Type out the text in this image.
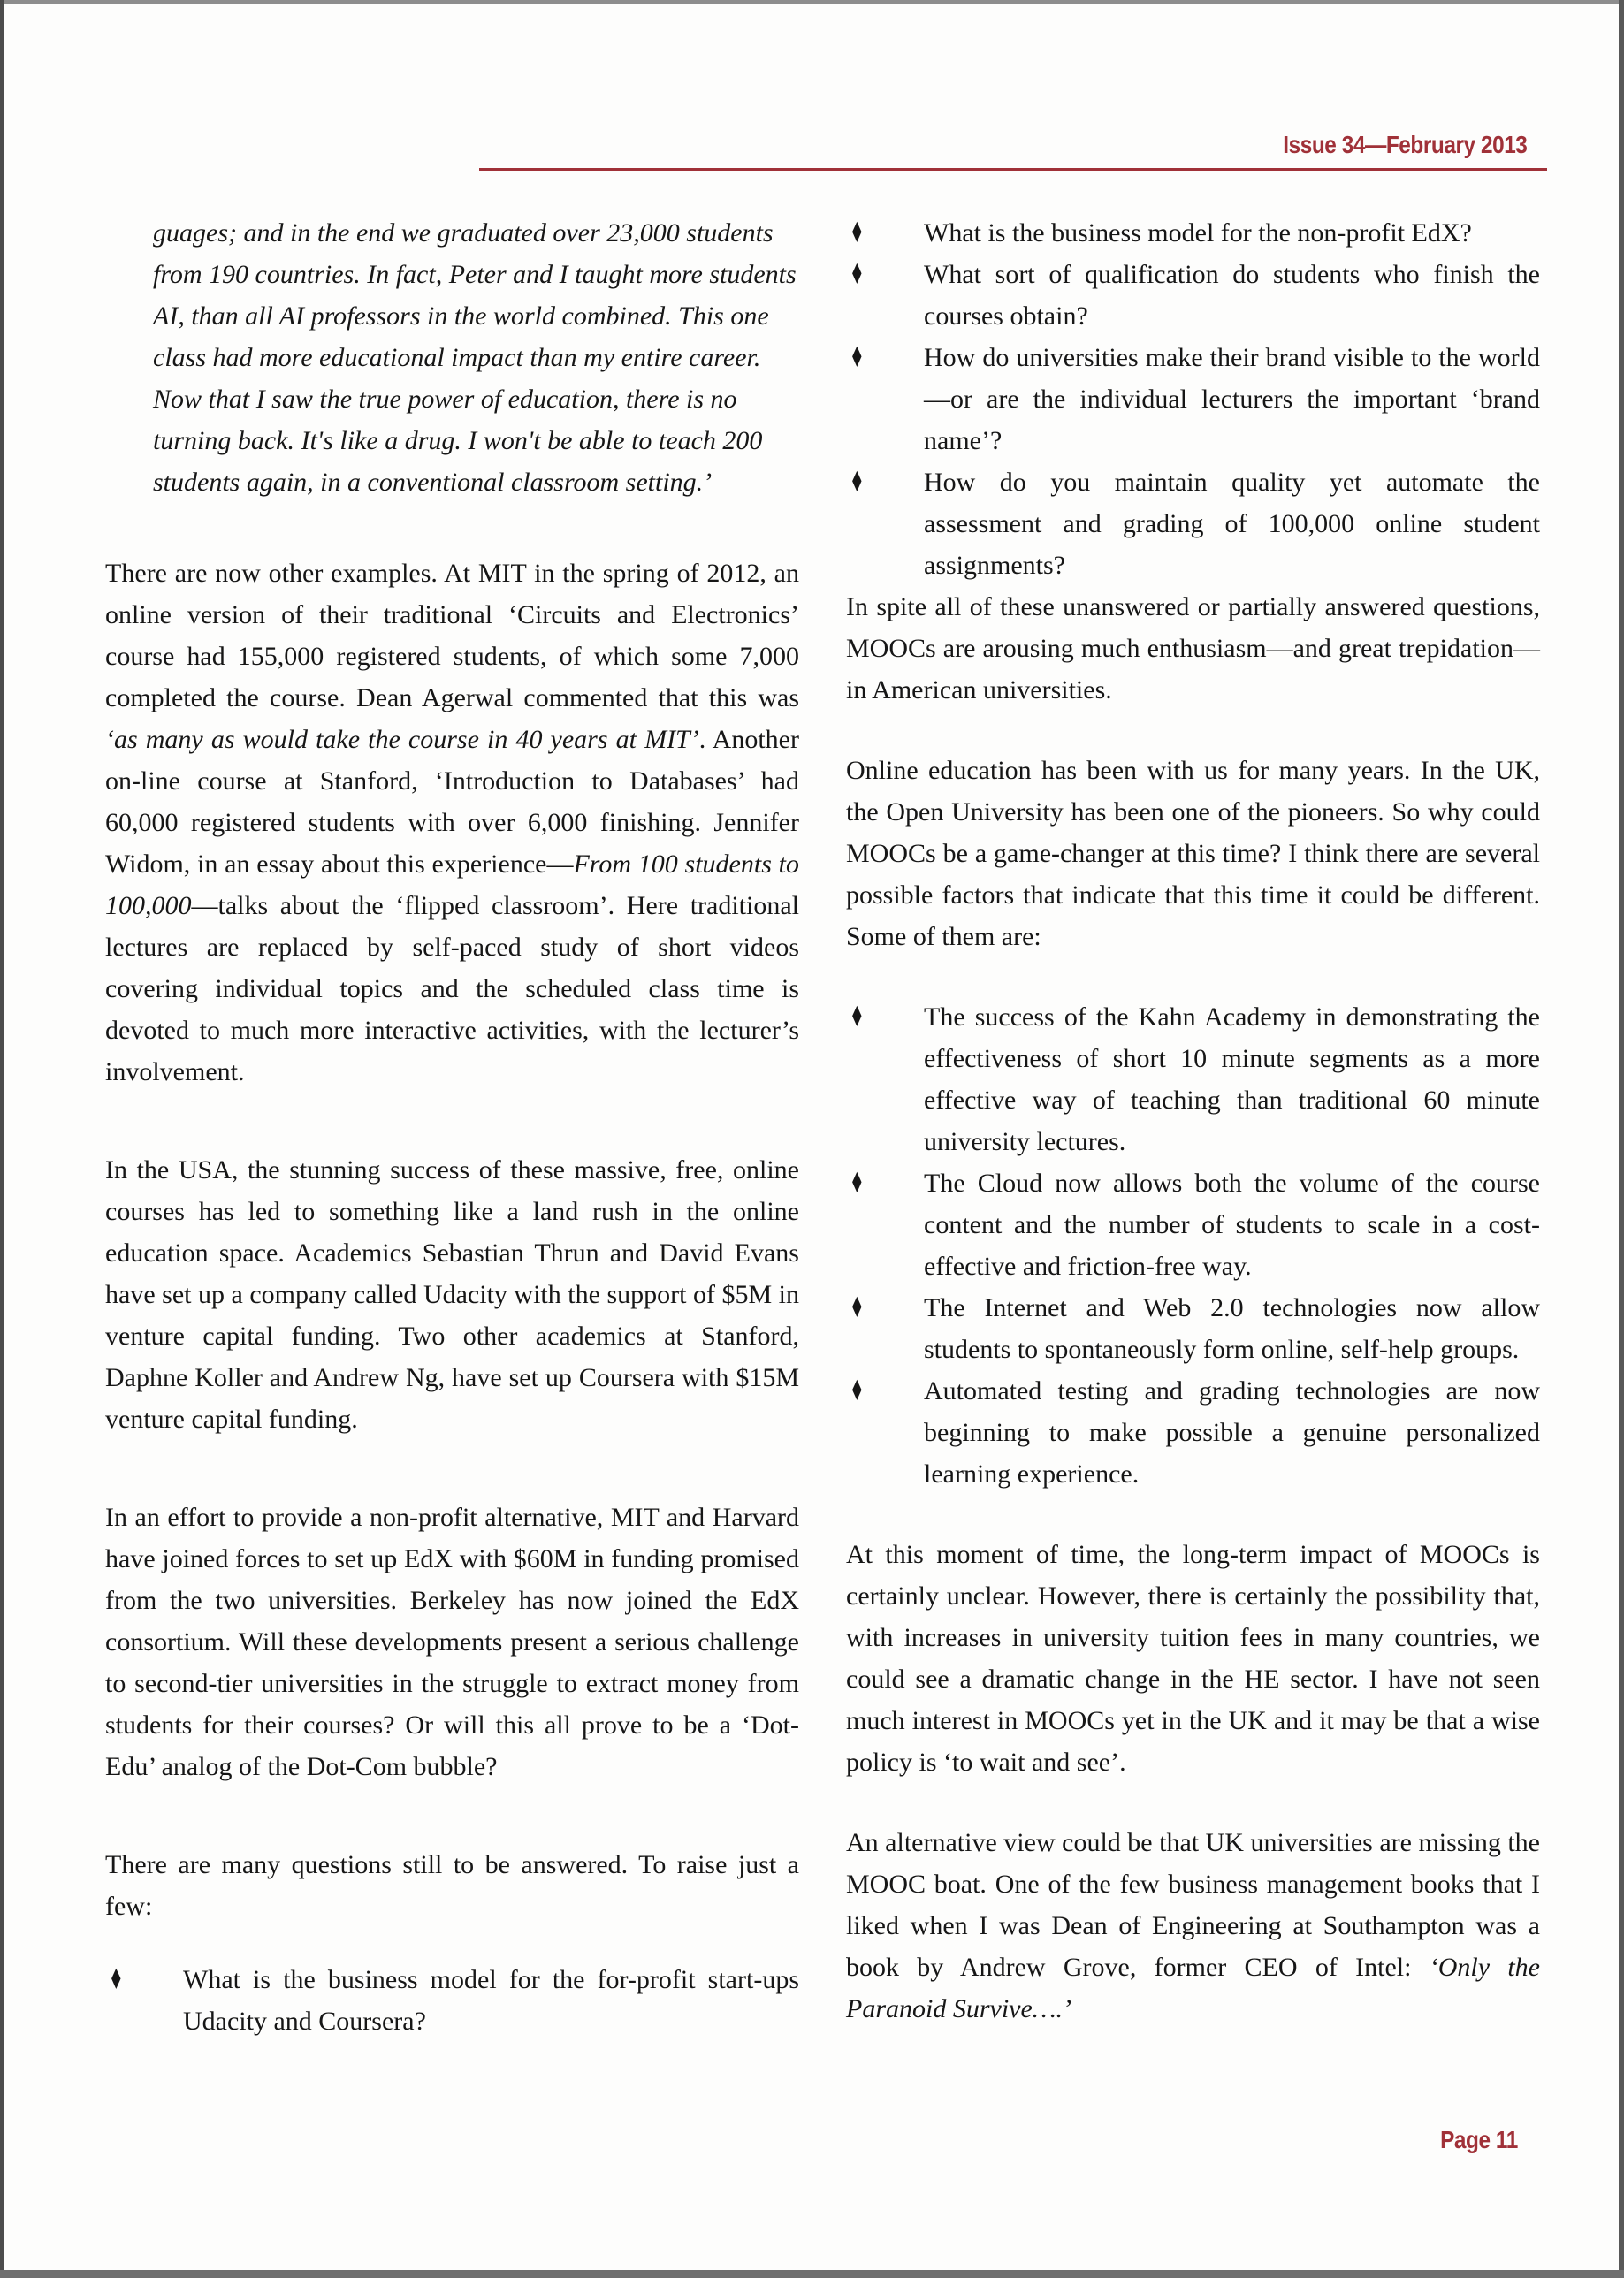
Issue 34—February 2013
guages; and in the end we graduated over 23,000 students from 190 countries. In fact, Peter and I taught more students AI, than all AI professors in the world combined. This one class had more educational impact than my entire career. Now that I saw the true power of education, there is no turning back. It's like a drug. I won't be able to teach 200 students again, in a conventional classroom setting.’

There are now other examples. At MIT in the spring of 2012, an online version of their traditional ‘Circuits and Electronics’ course had 155,000 registered students, of which some 7,000 completed the course. Dean Agerwal commented that this was ‘as many as would take the course in 40 years at MIT’. Another on-line course at Stanford, ‘Introduction to Databases’ had 60,000 registered students with over 6,000 finishing. Jennifer Widom, in an essay about this experience—From 100 students to 100,000—talks about the ‘flipped classroom’. Here traditional lectures are replaced by self-paced study of short videos covering individual topics and the scheduled class time is devoted to much more interactive activities, with the lecturer’s involvement.

In the USA, the stunning success of these massive, free, online courses has led to something like a land rush in the online education space. Academics Sebastian Thrun and David Evans have set up a company called Udacity with the support of $5M in venture capital funding. Two other academics at Stanford, Daphne Koller and Andrew Ng, have set up Coursera with $15M venture capital funding.

In an effort to provide a non-profit alternative, MIT and Harvard have joined forces to set up EdX with $60M in funding promised from the two universities. Berkeley has now joined the EdX consortium. Will these developments present a serious challenge to second-tier universities in the struggle to extract money from students for their courses? Or will this all prove to be a ‘Dot-Edu’ analog of the Dot-Com bubble?

There are many questions still to be answered. To raise just a few:

♦ What is the business model for the for-profit start-ups Udacity and Coursera?
♦ What is the business model for the non-profit EdX?
♦ What sort of qualification do students who finish the courses obtain?
♦ How do universities make their brand visible to the world—or are the individual lecturers the important ‘brand name’?
♦ How do you maintain quality yet automate the assessment and grading of 100,000 online student assignments?

In spite all of these unanswered or partially answered questions, MOOCs are arousing much enthusiasm—and great trepidation—in American universities.

Online education has been with us for many years. In the UK, the Open University has been one of the pioneers. So why could MOOCs be a game-changer at this time? I think there are several possible factors that indicate that this time it could be different. Some of them are:

♦ The success of the Kahn Academy in demonstrating the effectiveness of short 10 minute segments as a more effective way of teaching than traditional 60 minute university lectures.
♦ The Cloud now allows both the volume of the course content and the number of students to scale in a cost-effective and friction-free way.
♦ The Internet and Web 2.0 technologies now allow students to spontaneously form online, self-help groups.
♦ Automated testing and grading technologies are now beginning to make possible a genuine personalized learning experience.

At this moment of time, the long-term impact of MOOCs is certainly unclear. However, there is certainly the possibility that, with increases in university tuition fees in many countries, we could see a dramatic change in the HE sector. I have not seen much interest in MOOCs yet in the UK and it may be that a wise policy is ‘to wait and see’.

An alternative view could be that UK universities are missing the MOOC boat. One of the few business management books that I liked when I was Dean of Engineering at Southampton was a book by Andrew Grove, former CEO of Intel: ‘Only the Paranoid Survive….’

Page 11
